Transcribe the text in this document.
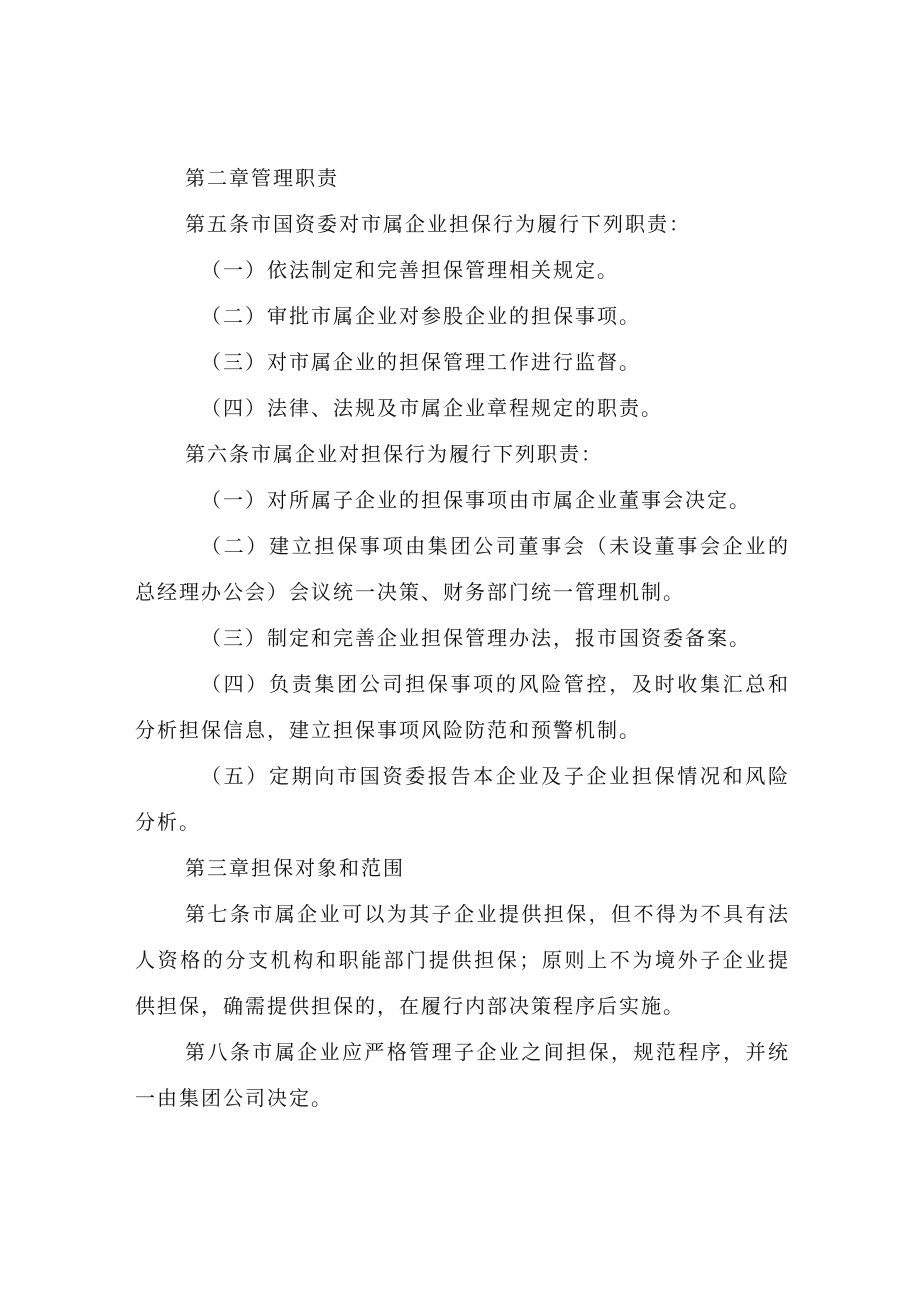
第二章管理职责

第五条市国资委对市属企业担保行为履行下列职责：

（一）依法制定和完善担保管理相关规定。

（二）审批市属企业对参股企业的担保事项。

（三）对市属企业的担保管理工作进行监督。

（四）法律、法规及市属企业章程规定的职责。

第六条市属企业对担保行为履行下列职责：

（一）对所属子企业的担保事项由市属企业董事会决定。

（二）建立担保事项由集团公司董事会（未设董事会企业的总经理办公会）会议统一决策、财务部门统一管理机制。

（三）制定和完善企业担保管理办法，报市国资委备案。

（四）负责集团公司担保事项的风险管控，及时收集汇总和分析担保信息，建立担保事项风险防范和预警机制。

（五）定期向市国资委报告本企业及子企业担保情况和风险分析。

第三章担保对象和范围

第七条市属企业可以为其子企业提供担保，但不得为不具有法人资格的分支机构和职能部门提供担保；原则上不为境外子企业提供担保，确需提供担保的，在履行内部决策程序后实施。

第八条市属企业应严格管理子企业之间担保，规范程序，并统一由集团公司决定。
